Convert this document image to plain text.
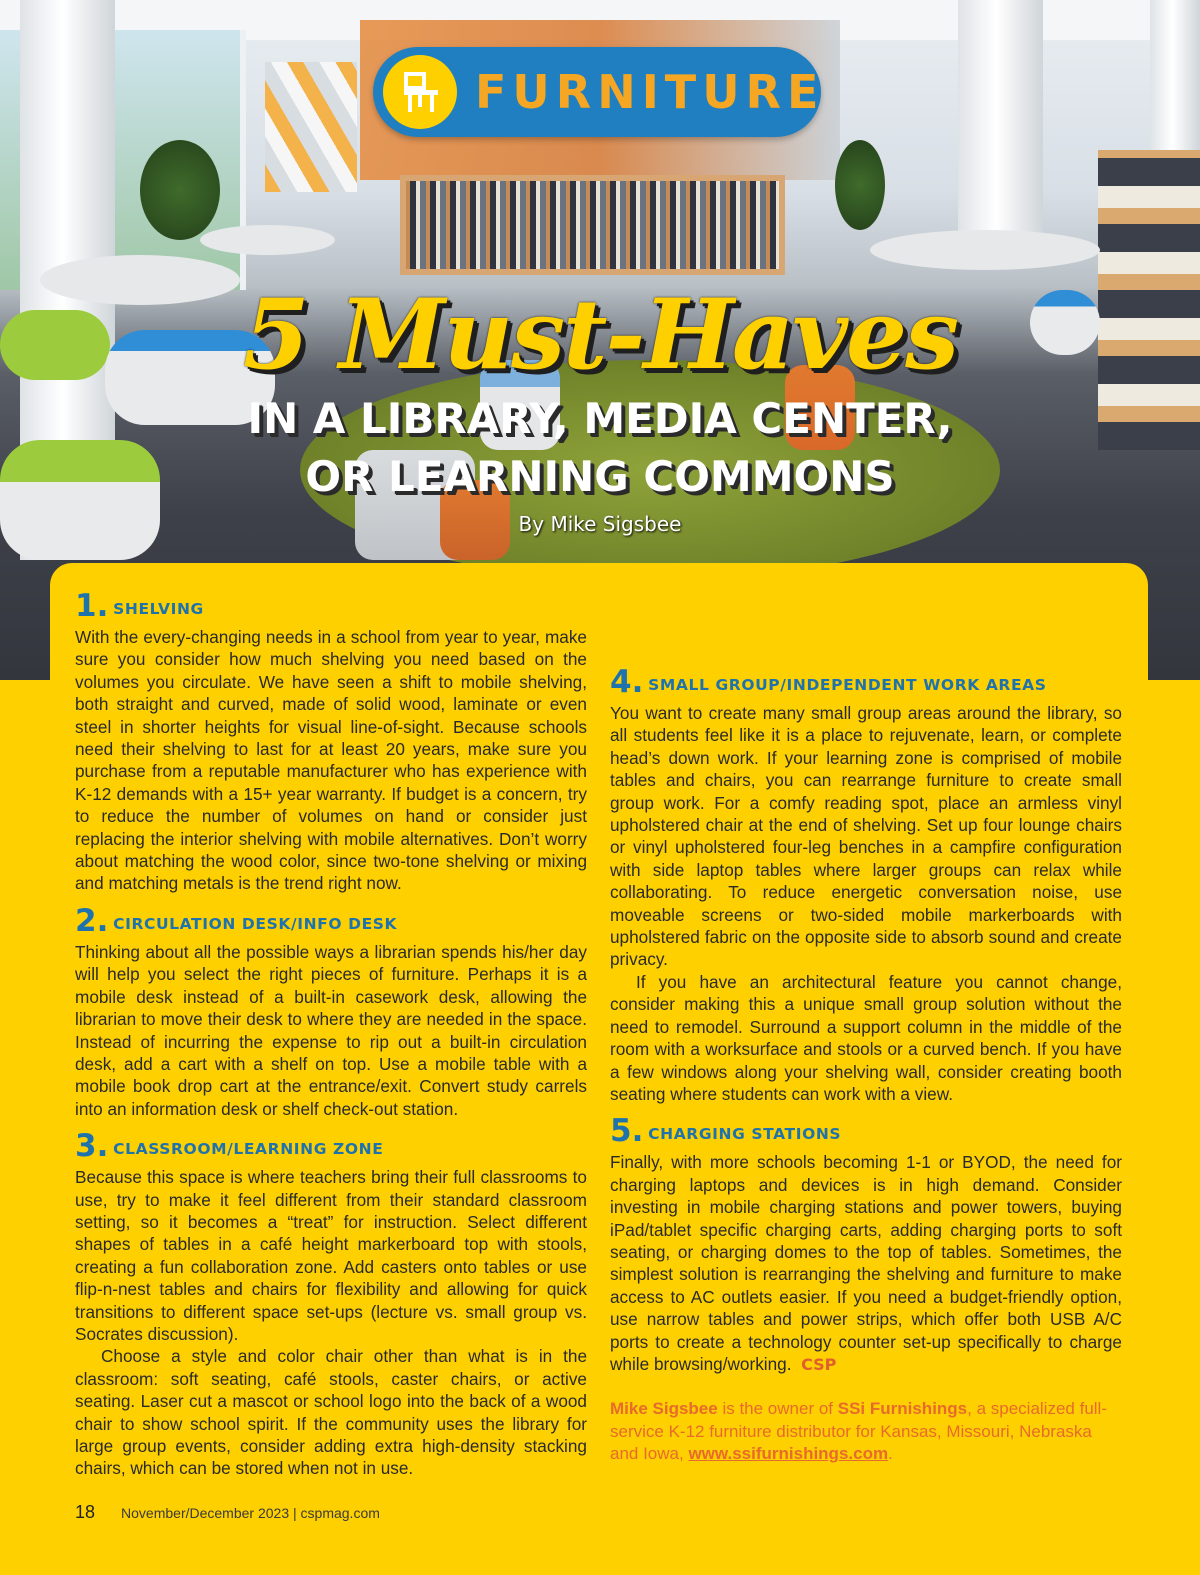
FURNITURE
5 Must-Haves
IN A LIBRARY, MEDIA CENTER,
OR LEARNING COMMONS
By Mike Sigsbee
1. SHELVING

With the every-changing needs in a school from year to year, make sure you consider how much shelving you need based on the volumes you circulate. We have seen a shift to mobile shelving, both straight and curved, made of solid wood, laminate or even steel in shorter heights for visual line-of-sight. Because schools need their shelving to last for at least 20 years, make sure you purchase from a reputable manufacturer who has experience with K-12 demands with a 15+ year warranty. If budget is a concern, try to reduce the number of volumes on hand or consider just replacing the interior shelving with mobile alternatives. Don’t worry about matching the wood color, since two-tone shelving or mixing and matching metals is the trend right now.

2. CIRCULATION DESK/INFO DESK

Thinking about all the possible ways a librarian spends his/her day will help you select the right pieces of furniture. Perhaps it is a mobile desk instead of a built-in casework desk, allowing the librarian to move their desk to where they are needed in the space. Instead of incurring the expense to rip out a built-in circulation desk, add a cart with a shelf on top. Use a mobile table with a mobile book drop cart at the entrance/exit. Convert study carrels into an information desk or shelf check-out station.

3. CLASSROOM/LEARNING ZONE

Because this space is where teachers bring their full classrooms to use, try to make it feel different from their standard classroom setting, so it becomes a “treat” for instruction. Select different shapes of tables in a café height markerboard top with stools, creating a fun collaboration zone. Add casters onto tables or use flip-n-nest tables and chairs for flexibility and allowing for quick transitions to different space set-ups (lecture vs. small group vs. Socrates discussion).

Choose a style and color chair other than what is in the classroom: soft seating, café stools, caster chairs, or active seating. Laser cut a mascot or school logo into the back of a wood chair to show school spirit. If the community uses the library for large group events, consider adding extra high-density stacking chairs, which can be stored when not in use.

4. SMALL GROUP/INDEPENDENT WORK AREAS

You want to create many small group areas around the library, so all students feel like it is a place to rejuvenate, learn, or complete head’s down work. If your learning zone is comprised of mobile tables and chairs, you can rearrange furniture to create small group work. For a comfy reading spot, place an armless vinyl upholstered chair at the end of shelving. Set up four lounge chairs or vinyl upholstered four-leg benches in a campfire configuration with side laptop tables where larger groups can relax while collaborating. To reduce energetic conversation noise, use moveable screens or two-sided mobile markerboards with upholstered fabric on the opposite side to absorb sound and create privacy.

If you have an architectural feature you cannot change, consider making this a unique small group solution without the need to remodel. Surround a support column in the middle of the room with a worksurface and stools or a curved bench. If you have a few windows along your shelving wall, consider creating booth seating where students can work with a view.

5. CHARGING STATIONS

Finally, with more schools becoming 1-1 or BYOD, the need for charging laptops and devices is in high demand. Consider investing in mobile charging stations and power towers, buying iPad/tablet specific charging carts, adding charging ports to soft seating, or charging domes to the top of tables. Sometimes, the simplest solution is rearranging the shelving and furniture to make access to AC outlets easier. If you need a budget-friendly option, use narrow tables and power strips, which offer both USB A/C ports to create a technology counter set-up specifically to charge while browsing/working. CSP

Mike Sigsbee is the owner of SSi Furnishings, a specialized full-service K-12 furniture distributor for Kansas, Missouri, Nebraska and Iowa, www.ssifurnishings.com.

18 November/December 2023 | cspmag.com
